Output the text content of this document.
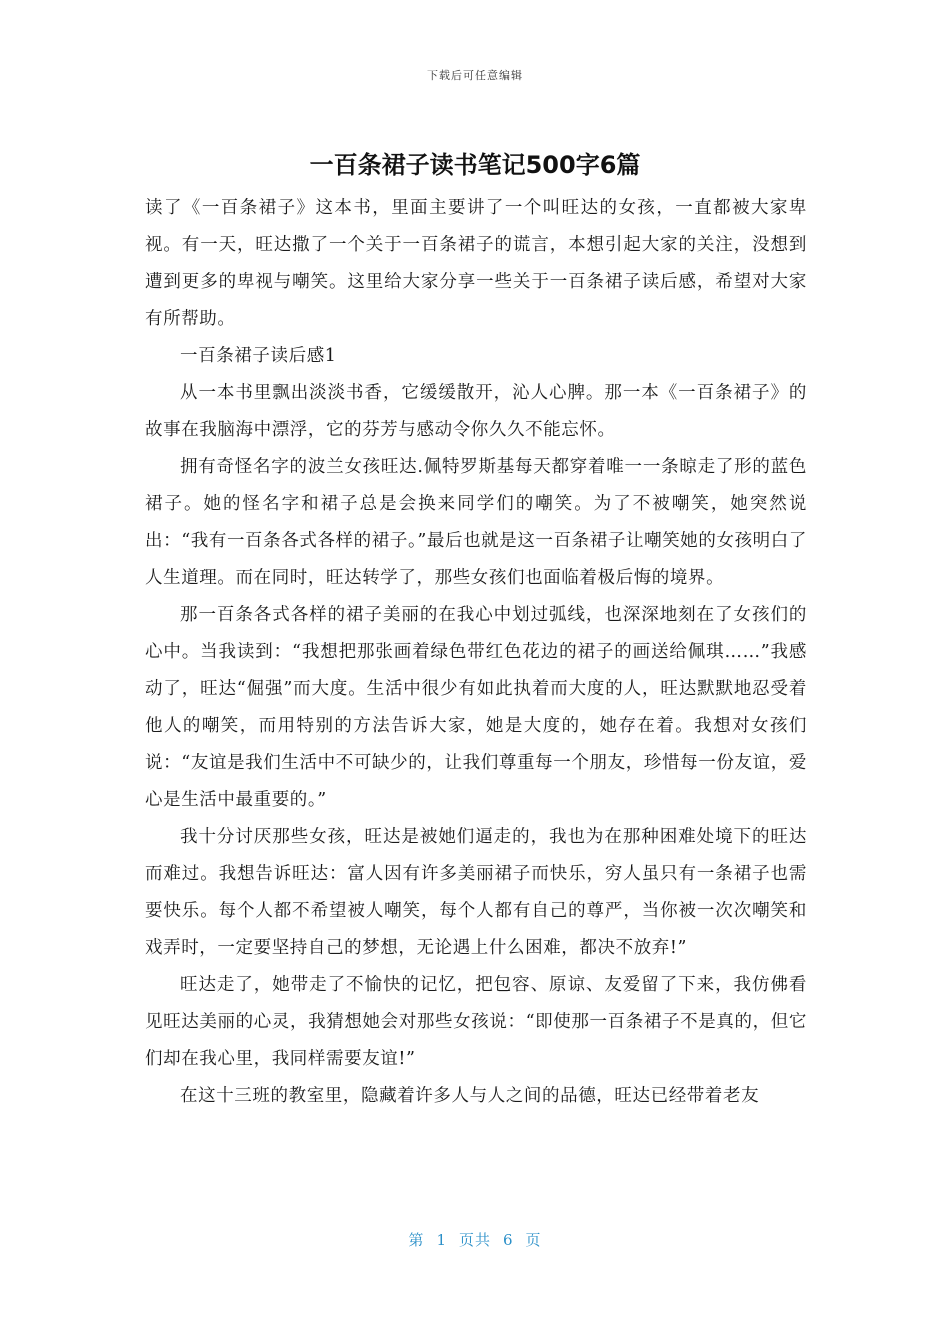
下载后可任意编辑
一百条裙子读书笔记500字6篇

读了《一百条裙子》这本书，里面主要讲了一个叫旺达的女孩，一直都被大家卑视。有一天，旺达撒了一个关于一百条裙子的谎言，本想引起大家的关注，没想到遭到更多的卑视与嘲笑。这里给大家分享一些关于一百条裙子读后感，希望对大家有所帮助。

一百条裙子读后感1

从一本书里飘出淡淡书香，它缓缓散开，沁人心脾。那一本《一百条裙子》的故事在我脑海中漂浮，它的芬芳与感动令你久久不能忘怀。

拥有奇怪名字的波兰女孩旺达.佩特罗斯基每天都穿着唯一一条晾走了形的蓝色裙子。她的怪名字和裙子总是会换来同学们的嘲笑。为了不被嘲笑，她突然说出：“我有一百条各式各样的裙子。”最后也就是这一百条裙子让嘲笑她的女孩明白了人生道理。而在同时，旺达转学了，那些女孩们也面临着极后悔的境界。

那一百条各式各样的裙子美丽的在我心中划过弧线，也深深地刻在了女孩们的心中。当我读到：“我想把那张画着绿色带红色花边的裙子的画送给佩琪……”我感动了，旺达“倔强”而大度。生活中很少有如此执着而大度的人，旺达默默地忍受着他人的嘲笑，而用特别的方法告诉大家，她是大度的，她存在着。我想对女孩们说：“友谊是我们生活中不可缺少的，让我们尊重每一个朋友，珍惜每一份友谊，爱心是生活中最重要的。”

我十分讨厌那些女孩，旺达是被她们逼走的，我也为在那种困难处境下的旺达而难过。我想告诉旺达：富人因有许多美丽裙子而快乐，穷人虽只有一条裙子也需要快乐。每个人都不希望被人嘲笑，每个人都有自己的尊严，当你被一次次嘲笑和戏弄时，一定要坚持自己的梦想，无论遇上什么困难，都决不放弃!”

旺达走了，她带走了不愉快的记忆，把包容、原谅、友爱留了下来，我仿佛看见旺达美丽的心灵，我猜想她会对那些女孩说：“即使那一百条裙子不是真的，但它们却在我心里，我同样需要友谊!”

在这十三班的教室里，隐藏着许多人与人之间的品德，旺达已经带着老友

第 1 页共 6 页
